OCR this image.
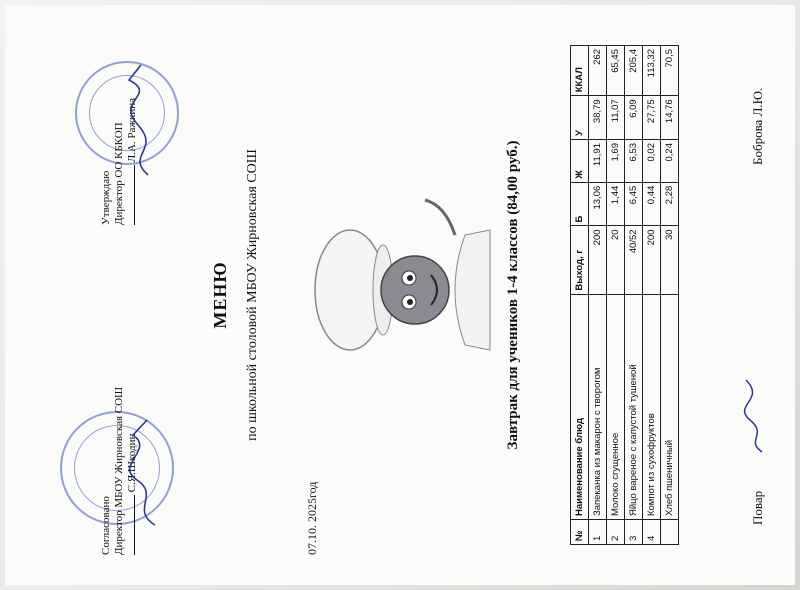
Согласовано Директор МБОУ Жирновская СОШ С.Я.Шкодин
Утверждаю Директор ОО КБКОП Л.А. Ражкина
МЕНЮ по школьной столовой МБОУ Жирновская СОШ
07.10. 2025год
Завтрак для учеников 1-4 классов (84,00 руб.)
№	Наименование блюд	Выход, г	Б	Ж	У	ККАЛ
1	Запеканка из макарон с творогом	200	13,06	11,91	38,79	262
2	Молоко сгущенное	20	1,44	1,69	11,07	65,45
3	Яйцо вареное с капустой тушеной	40/52	6,45	6,53	6,09	205,4
4	Компот из сухофруктов	200	0,44	0,02	27,75	113,32
	Хлеб пшеничный	30	2,28	0,24	14,76	70,5
Повар
Боброва Л.Ю.
